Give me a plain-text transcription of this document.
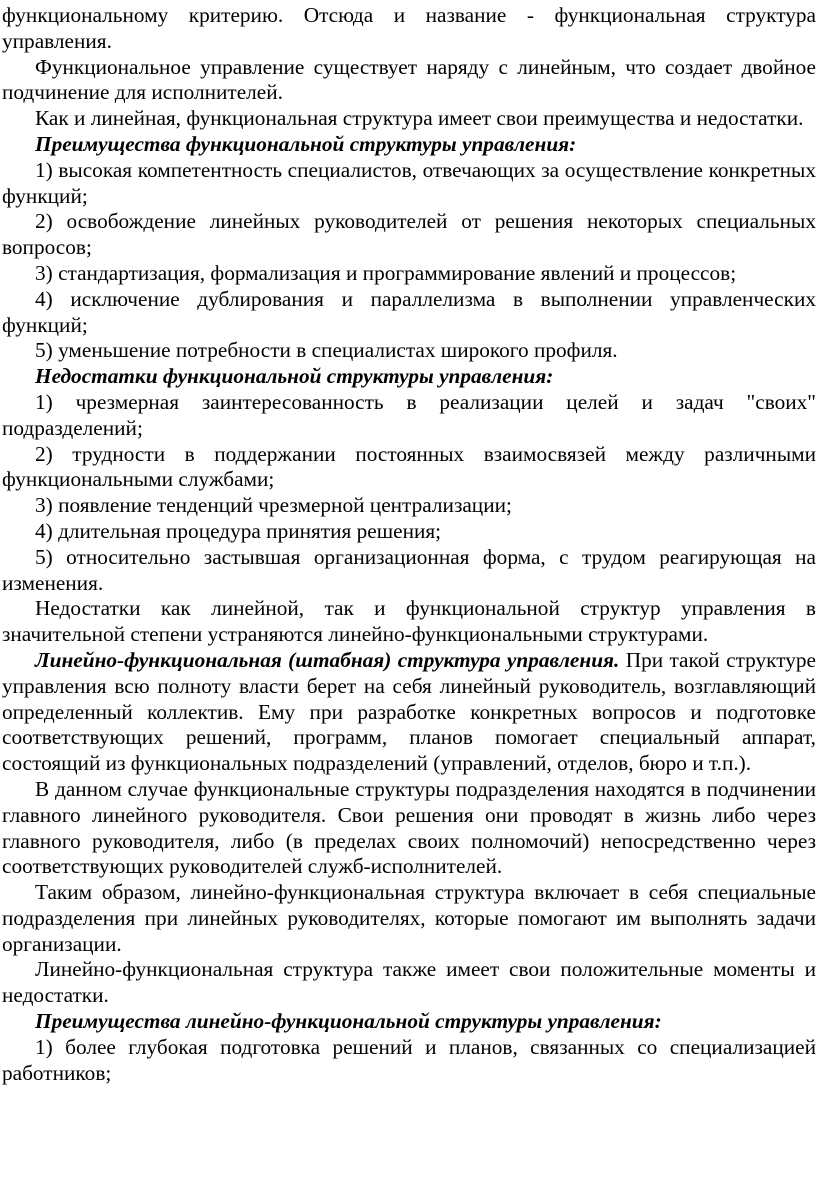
функциональному критерию. Отсюда и название - функциональная структура управления.

Функциональное управление существует наряду с линейным, что создает двойное подчинение для исполнителей.

Как и линейная, функциональная структура имеет свои преимущества и недостатки.

Преимущества функциональной структуры управления:

1) высокая компетентность специалистов, отвечающих за осуществление конкретных функций;

2) освобождение линейных руководителей от решения некоторых специальных вопросов;

3) стандартизация, формализация и программирование явлений и процессов;

4) исключение дублирования и параллелизма в выполнении управленческих функций;

5) уменьшение потребности в специалистах широкого профиля.

Недостатки функциональной структуры управления:

1) чрезмерная заинтересованность в реализации целей и задач "своих" подразделений;

2) трудности в поддержании постоянных взаимосвязей между различными функциональными службами;

3) появление тенденций чрезмерной централизации;

4) длительная процедура принятия решения;

5) относительно застывшая организационная форма, с трудом реагирующая на изменения.

Недостатки как линейной, так и функциональной структур управления в значительной степени устраняются линейно-функциональными структурами.

Линейно-функциональная (штабная) структура управления. При такой структуре управления всю полноту власти берет на себя линейный руководитель, возглавляющий определенный коллектив. Ему при разработке конкретных вопросов и подготовке соответствующих решений, программ, планов помогает специальный аппарат, состоящий из функциональных подразделений (управлений, отделов, бюро и т.п.).

В данном случае функциональные структуры подразделения находятся в подчинении главного линейного руководителя. Свои решения они проводят в жизнь либо через главного руководителя, либо (в пределах своих полномочий) непосредственно через соответствующих руководителей служб-исполнителей.

Таким образом, линейно-функциональная структура включает в себя специальные подразделения при линейных руководителях, которые помогают им выполнять задачи организации.

Линейно-функциональная структура также имеет свои положительные моменты и недостатки.

Преимущества линейно-функциональной структуры управления:

1) более глубокая подготовка решений и планов, связанных со специализацией работников;
